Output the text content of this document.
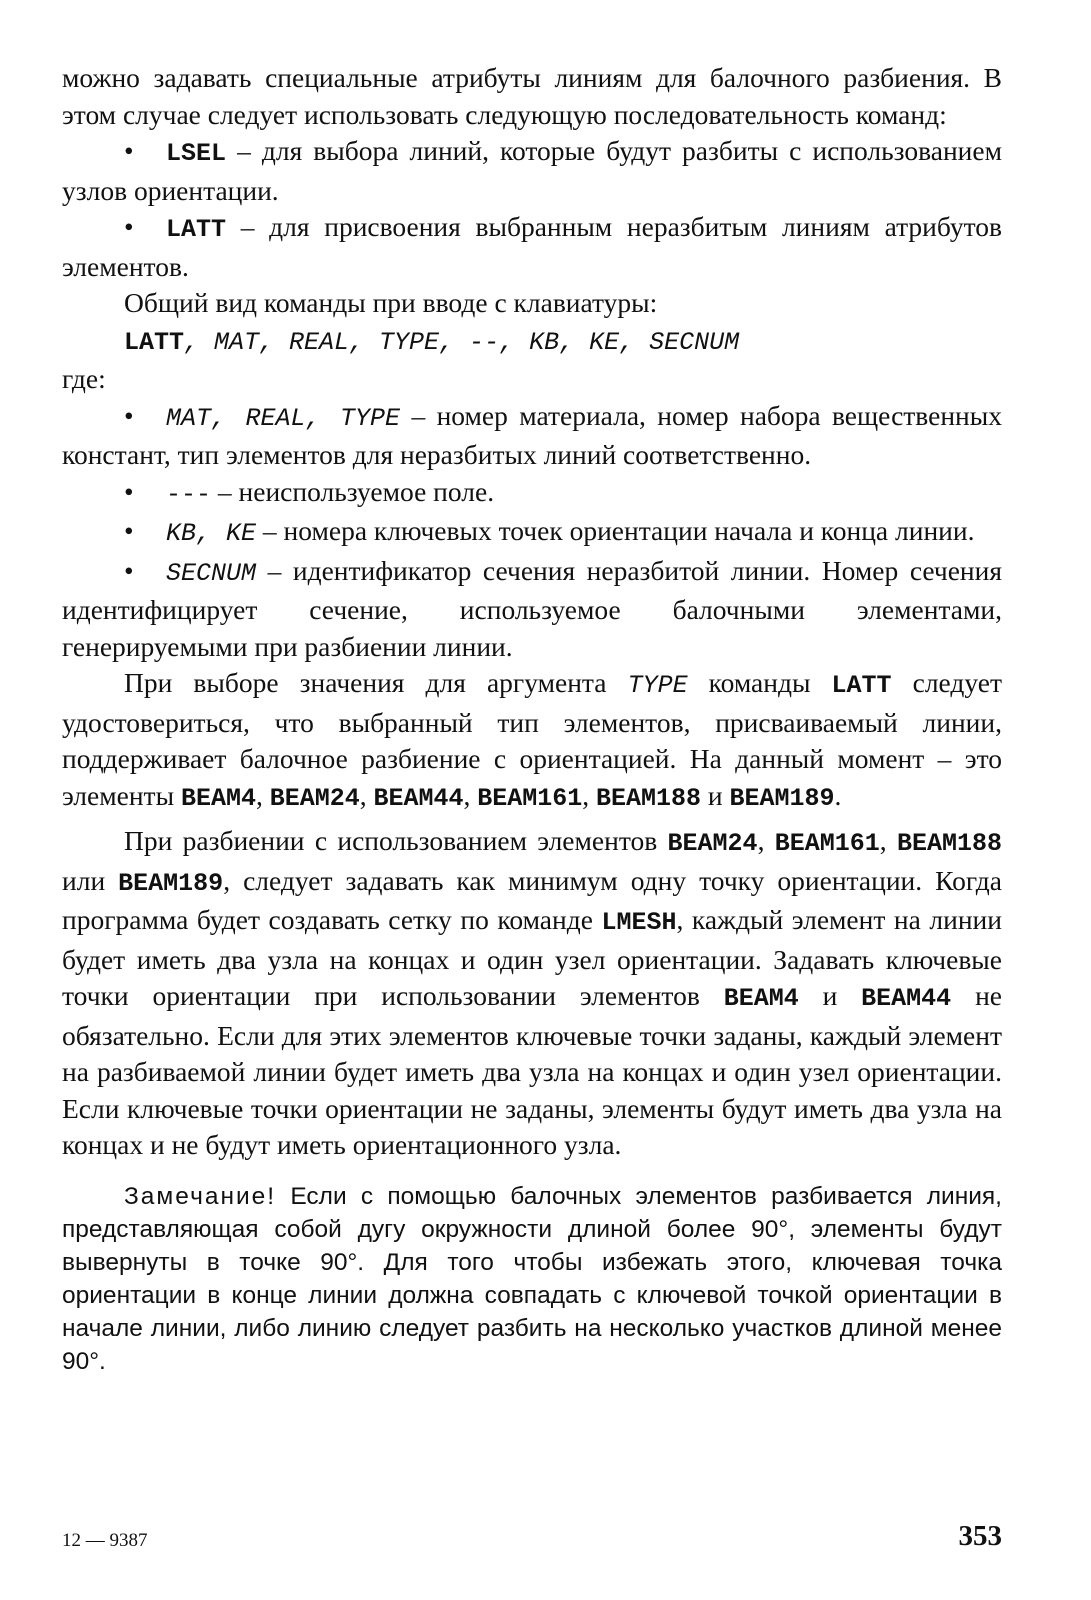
можно задавать специальные атрибуты линиям для балочного разбиения. В этом случае следует использовать следующую последовательность команд:

• LSEL – для выбора линий, которые будут разбиты с использованием узлов ориентации.

• LATT – для присвоения выбранным неразбитым линиям атрибутов элементов.

Общий вид команды при вводе с клавиатуры:

LATT, MAT, REAL, TYPE, --, KB, KE, SECNUM

где:

• MAT, REAL, TYPE – номер материала, номер набора вещественных констант, тип элементов для неразбитых линий соответственно.

• --- – неиспользуемое поле.

• KB, KE – номера ключевых точек ориентации начала и конца линии.

• SECNUM – идентификатор сечения неразбитой линии. Номер сечения идентифицирует сечение, используемое балочными элементами, генерируемыми при разбиении линии.

При выборе значения для аргумента TYPE команды LATT следует удостовериться, что выбранный тип элементов, присваиваемый линии, поддерживает балочное разбиение с ориентацией. На данный момент – это элементы BEAM4, BEAM24, BEAM44, BEAM161, BEAM188 и BEAM189.

При разбиении с использованием элементов BEAM24, BEAM161, BEAM188 или BEAM189, следует задавать как минимум одну точку ориентации. Когда программа будет создавать сетку по команде LMESH, каждый элемент на линии будет иметь два узла на концах и один узел ориентации. Задавать ключевые точки ориентации при использовании элементов BEAM4 и BEAM44 не обязательно. Если для этих элементов ключевые точки заданы, каждый элемент на разбиваемой линии будет иметь два узла на концах и один узел ориентации. Если ключевые точки ориентации не заданы, элементы будут иметь два узла на концах и не будут иметь ориентационного узла.

Замечание! Если с помощью балочных элементов разбивается линия, представляющая собой дугу окружности длиной более 90°, элементы будут вывернуты в точке 90°. Для того чтобы избежать этого, ключевая точка ориентации в конце линии должна совпадать с ключевой точкой ориентации в начале линии, либо линию следует разбить на несколько участков длиной менее 90°.

12 — 9387	353
